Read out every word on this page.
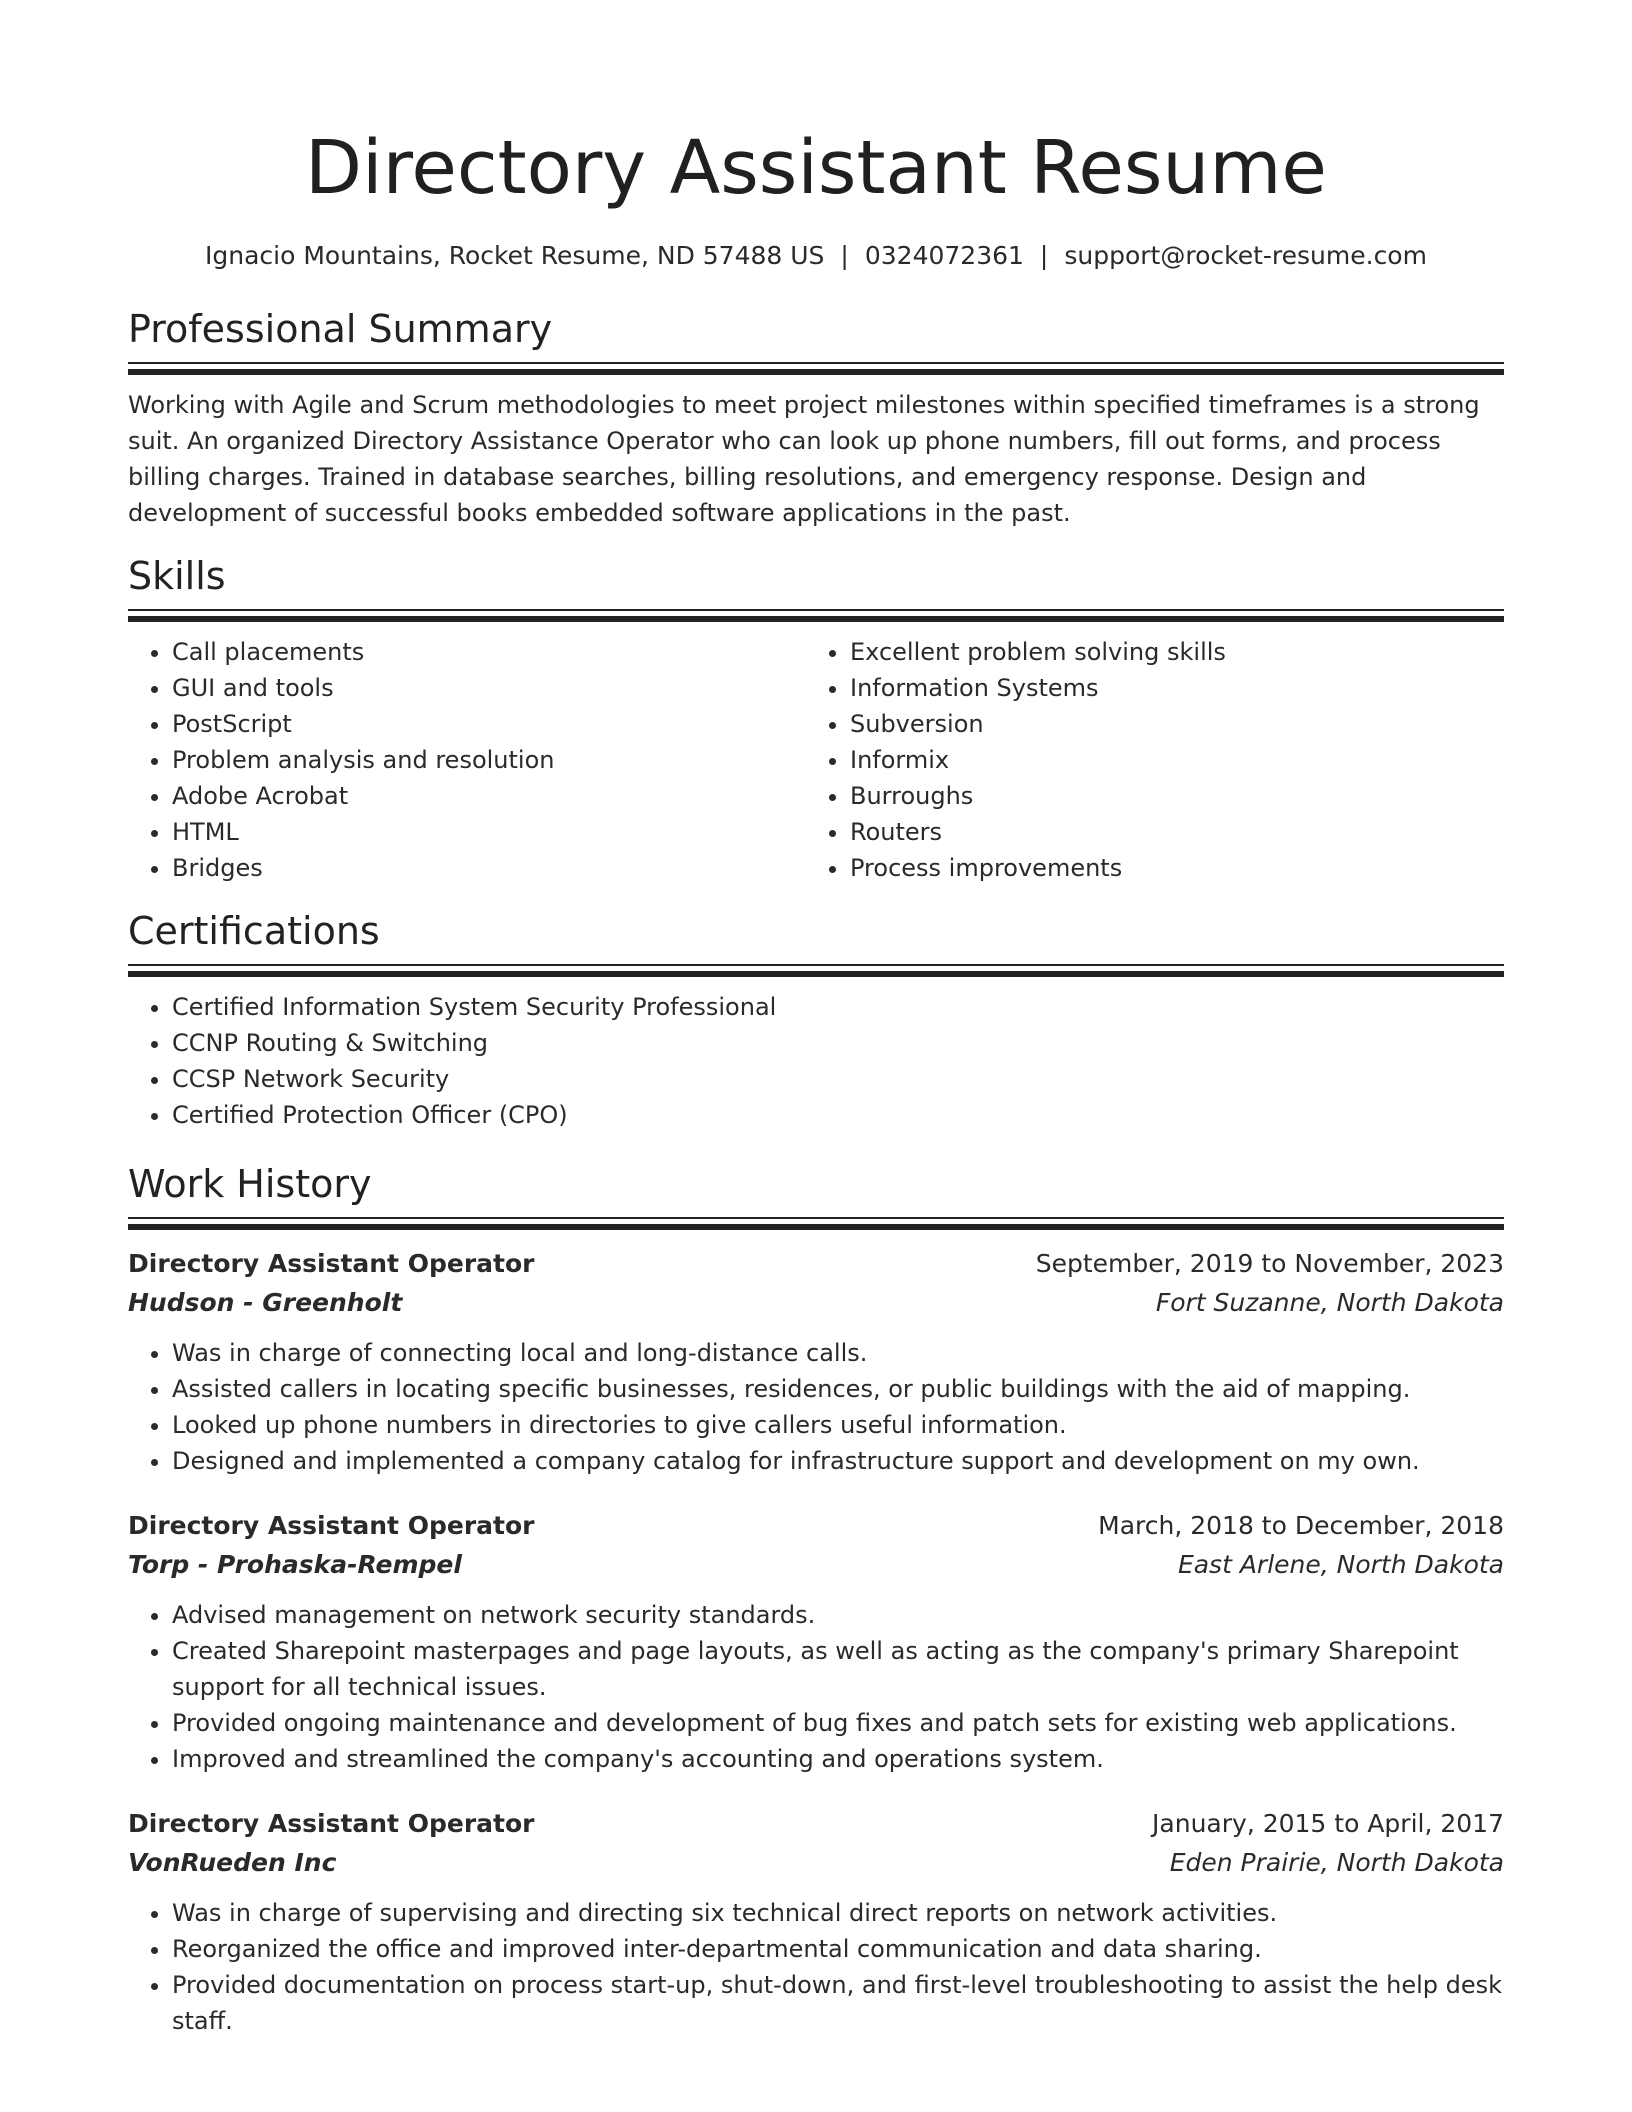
Directory Assistant Resume
Ignacio Mountains, Rocket Resume, ND 57488 US | 0324072361 | support@rocket-resume.com
Professional Summary

Working with Agile and Scrum methodologies to meet project milestones within specified timeframes is a strong suit. An organized Directory Assistance Operator who can look up phone numbers, fill out forms, and process billing charges. Trained in database searches, billing resolutions, and emergency response. Design and development of successful books embedded software applications in the past.

Skills
• Call placements
• GUI and tools
• PostScript
• Problem analysis and resolution
• Adobe Acrobat
• HTML
• Bridges
• Excellent problem solving skills
• Information Systems
• Subversion
• Informix
• Burroughs
• Routers
• Process improvements
Certifications
• Certified Information System Security Professional
• CCNP Routing & Switching
• CCSP Network Security
• Certified Protection Officer (CPO)
Work History
Directory Assistant Operator	September, 2019 to November, 2023
Hudson - Greenholt	Fort Suzanne, North Dakota
• Was in charge of connecting local and long-distance calls.
• Assisted callers in locating specific businesses, residences, or public buildings with the aid of mapping.
• Looked up phone numbers in directories to give callers useful information.
• Designed and implemented a company catalog for infrastructure support and development on my own.
Directory Assistant Operator	March, 2018 to December, 2018
Torp - Prohaska-Rempel	East Arlene, North Dakota
• Advised management on network security standards.
• Created Sharepoint masterpages and page layouts, as well as acting as the company's primary Sharepoint support for all technical issues.
• Provided ongoing maintenance and development of bug fixes and patch sets for existing web applications.
• Improved and streamlined the company's accounting and operations system.
Directory Assistant Operator	January, 2015 to April, 2017
VonRueden Inc	Eden Prairie, North Dakota
• Was in charge of supervising and directing six technical direct reports on network activities.
• Reorganized the office and improved inter-departmental communication and data sharing.
• Provided documentation on process start-up, shut-down, and first-level troubleshooting to assist the help desk staff.
